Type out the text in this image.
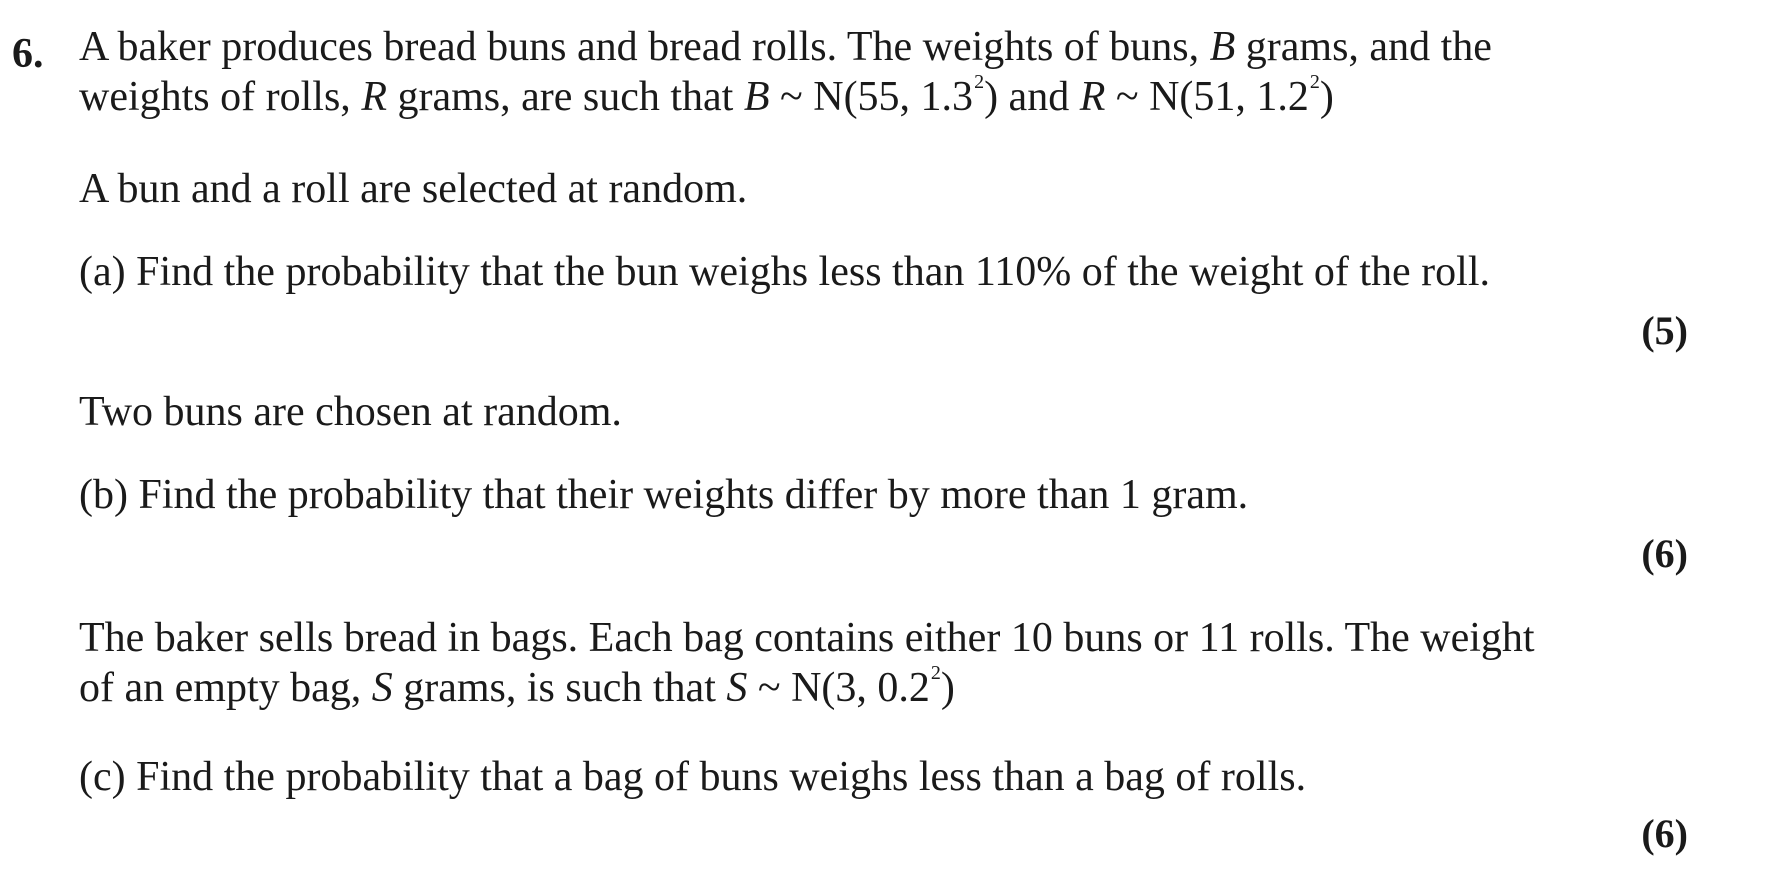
6. A baker produces bread buns and bread rolls. The weights of buns, B grams, and the
weights of rolls, R grams, are such that B ~ N(55, $1.3^2$) and R ~ N(51, $1.2^2$)
A bun and a roll are selected at random.
(a) Find the probability that the bun weighs less than 110% of the weight of the roll.
(5)
Two buns are chosen at random.
(b) Find the probability that their weights differ by more than 1 gram.
(6)
The baker sells bread in bags. Each bag contains either 10 buns or 11 rolls. The weight
of an empty bag, S grams, is such that S ~ N(3, $0.2^2$)
(c) Find the probability that a bag of buns weighs less than a bag of rolls.
(6)
